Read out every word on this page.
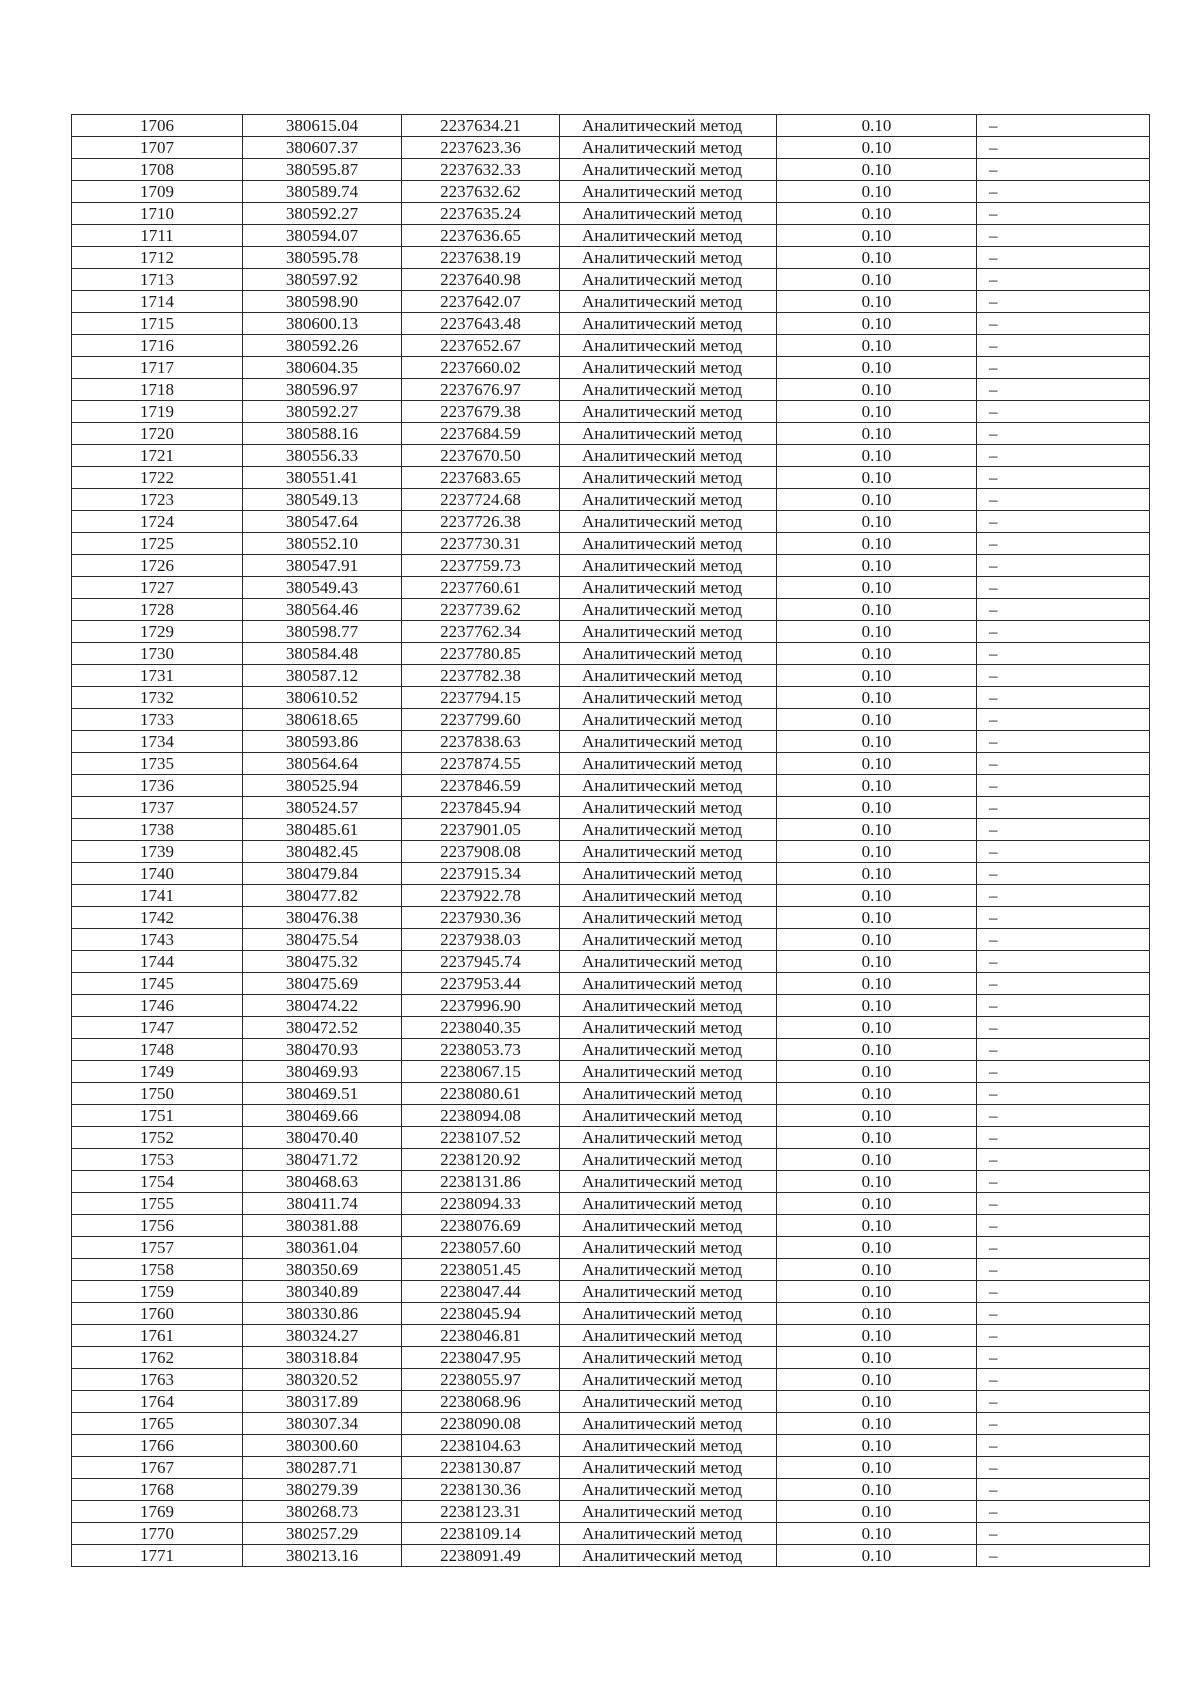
1706	380615.04	2237634.21	Аналитический метод	0.10	–
1707	380607.37	2237623.36	Аналитический метод	0.10	–
1708	380595.87	2237632.33	Аналитический метод	0.10	–
1709	380589.74	2237632.62	Аналитический метод	0.10	–
1710	380592.27	2237635.24	Аналитический метод	0.10	–
1711	380594.07	2237636.65	Аналитический метод	0.10	–
1712	380595.78	2237638.19	Аналитический метод	0.10	–
1713	380597.92	2237640.98	Аналитический метод	0.10	–
1714	380598.90	2237642.07	Аналитический метод	0.10	–
1715	380600.13	2237643.48	Аналитический метод	0.10	–
1716	380592.26	2237652.67	Аналитический метод	0.10	–
1717	380604.35	2237660.02	Аналитический метод	0.10	–
1718	380596.97	2237676.97	Аналитический метод	0.10	–
1719	380592.27	2237679.38	Аналитический метод	0.10	–
1720	380588.16	2237684.59	Аналитический метод	0.10	–
1721	380556.33	2237670.50	Аналитический метод	0.10	–
1722	380551.41	2237683.65	Аналитический метод	0.10	–
1723	380549.13	2237724.68	Аналитический метод	0.10	–
1724	380547.64	2237726.38	Аналитический метод	0.10	–
1725	380552.10	2237730.31	Аналитический метод	0.10	–
1726	380547.91	2237759.73	Аналитический метод	0.10	–
1727	380549.43	2237760.61	Аналитический метод	0.10	–
1728	380564.46	2237739.62	Аналитический метод	0.10	–
1729	380598.77	2237762.34	Аналитический метод	0.10	–
1730	380584.48	2237780.85	Аналитический метод	0.10	–
1731	380587.12	2237782.38	Аналитический метод	0.10	–
1732	380610.52	2237794.15	Аналитический метод	0.10	–
1733	380618.65	2237799.60	Аналитический метод	0.10	–
1734	380593.86	2237838.63	Аналитический метод	0.10	–
1735	380564.64	2237874.55	Аналитический метод	0.10	–
1736	380525.94	2237846.59	Аналитический метод	0.10	–
1737	380524.57	2237845.94	Аналитический метод	0.10	–
1738	380485.61	2237901.05	Аналитический метод	0.10	–
1739	380482.45	2237908.08	Аналитический метод	0.10	–
1740	380479.84	2237915.34	Аналитический метод	0.10	–
1741	380477.82	2237922.78	Аналитический метод	0.10	–
1742	380476.38	2237930.36	Аналитический метод	0.10	–
1743	380475.54	2237938.03	Аналитический метод	0.10	–
1744	380475.32	2237945.74	Аналитический метод	0.10	–
1745	380475.69	2237953.44	Аналитический метод	0.10	–
1746	380474.22	2237996.90	Аналитический метод	0.10	–
1747	380472.52	2238040.35	Аналитический метод	0.10	–
1748	380470.93	2238053.73	Аналитический метод	0.10	–
1749	380469.93	2238067.15	Аналитический метод	0.10	–
1750	380469.51	2238080.61	Аналитический метод	0.10	–
1751	380469.66	2238094.08	Аналитический метод	0.10	–
1752	380470.40	2238107.52	Аналитический метод	0.10	–
1753	380471.72	2238120.92	Аналитический метод	0.10	–
1754	380468.63	2238131.86	Аналитический метод	0.10	–
1755	380411.74	2238094.33	Аналитический метод	0.10	–
1756	380381.88	2238076.69	Аналитический метод	0.10	–
1757	380361.04	2238057.60	Аналитический метод	0.10	–
1758	380350.69	2238051.45	Аналитический метод	0.10	–
1759	380340.89	2238047.44	Аналитический метод	0.10	–
1760	380330.86	2238045.94	Аналитический метод	0.10	–
1761	380324.27	2238046.81	Аналитический метод	0.10	–
1762	380318.84	2238047.95	Аналитический метод	0.10	–
1763	380320.52	2238055.97	Аналитический метод	0.10	–
1764	380317.89	2238068.96	Аналитический метод	0.10	–
1765	380307.34	2238090.08	Аналитический метод	0.10	–
1766	380300.60	2238104.63	Аналитический метод	0.10	–
1767	380287.71	2238130.87	Аналитический метод	0.10	–
1768	380279.39	2238130.36	Аналитический метод	0.10	–
1769	380268.73	2238123.31	Аналитический метод	0.10	–
1770	380257.29	2238109.14	Аналитический метод	0.10	–
1771	380213.16	2238091.49	Аналитический метод	0.10	–
